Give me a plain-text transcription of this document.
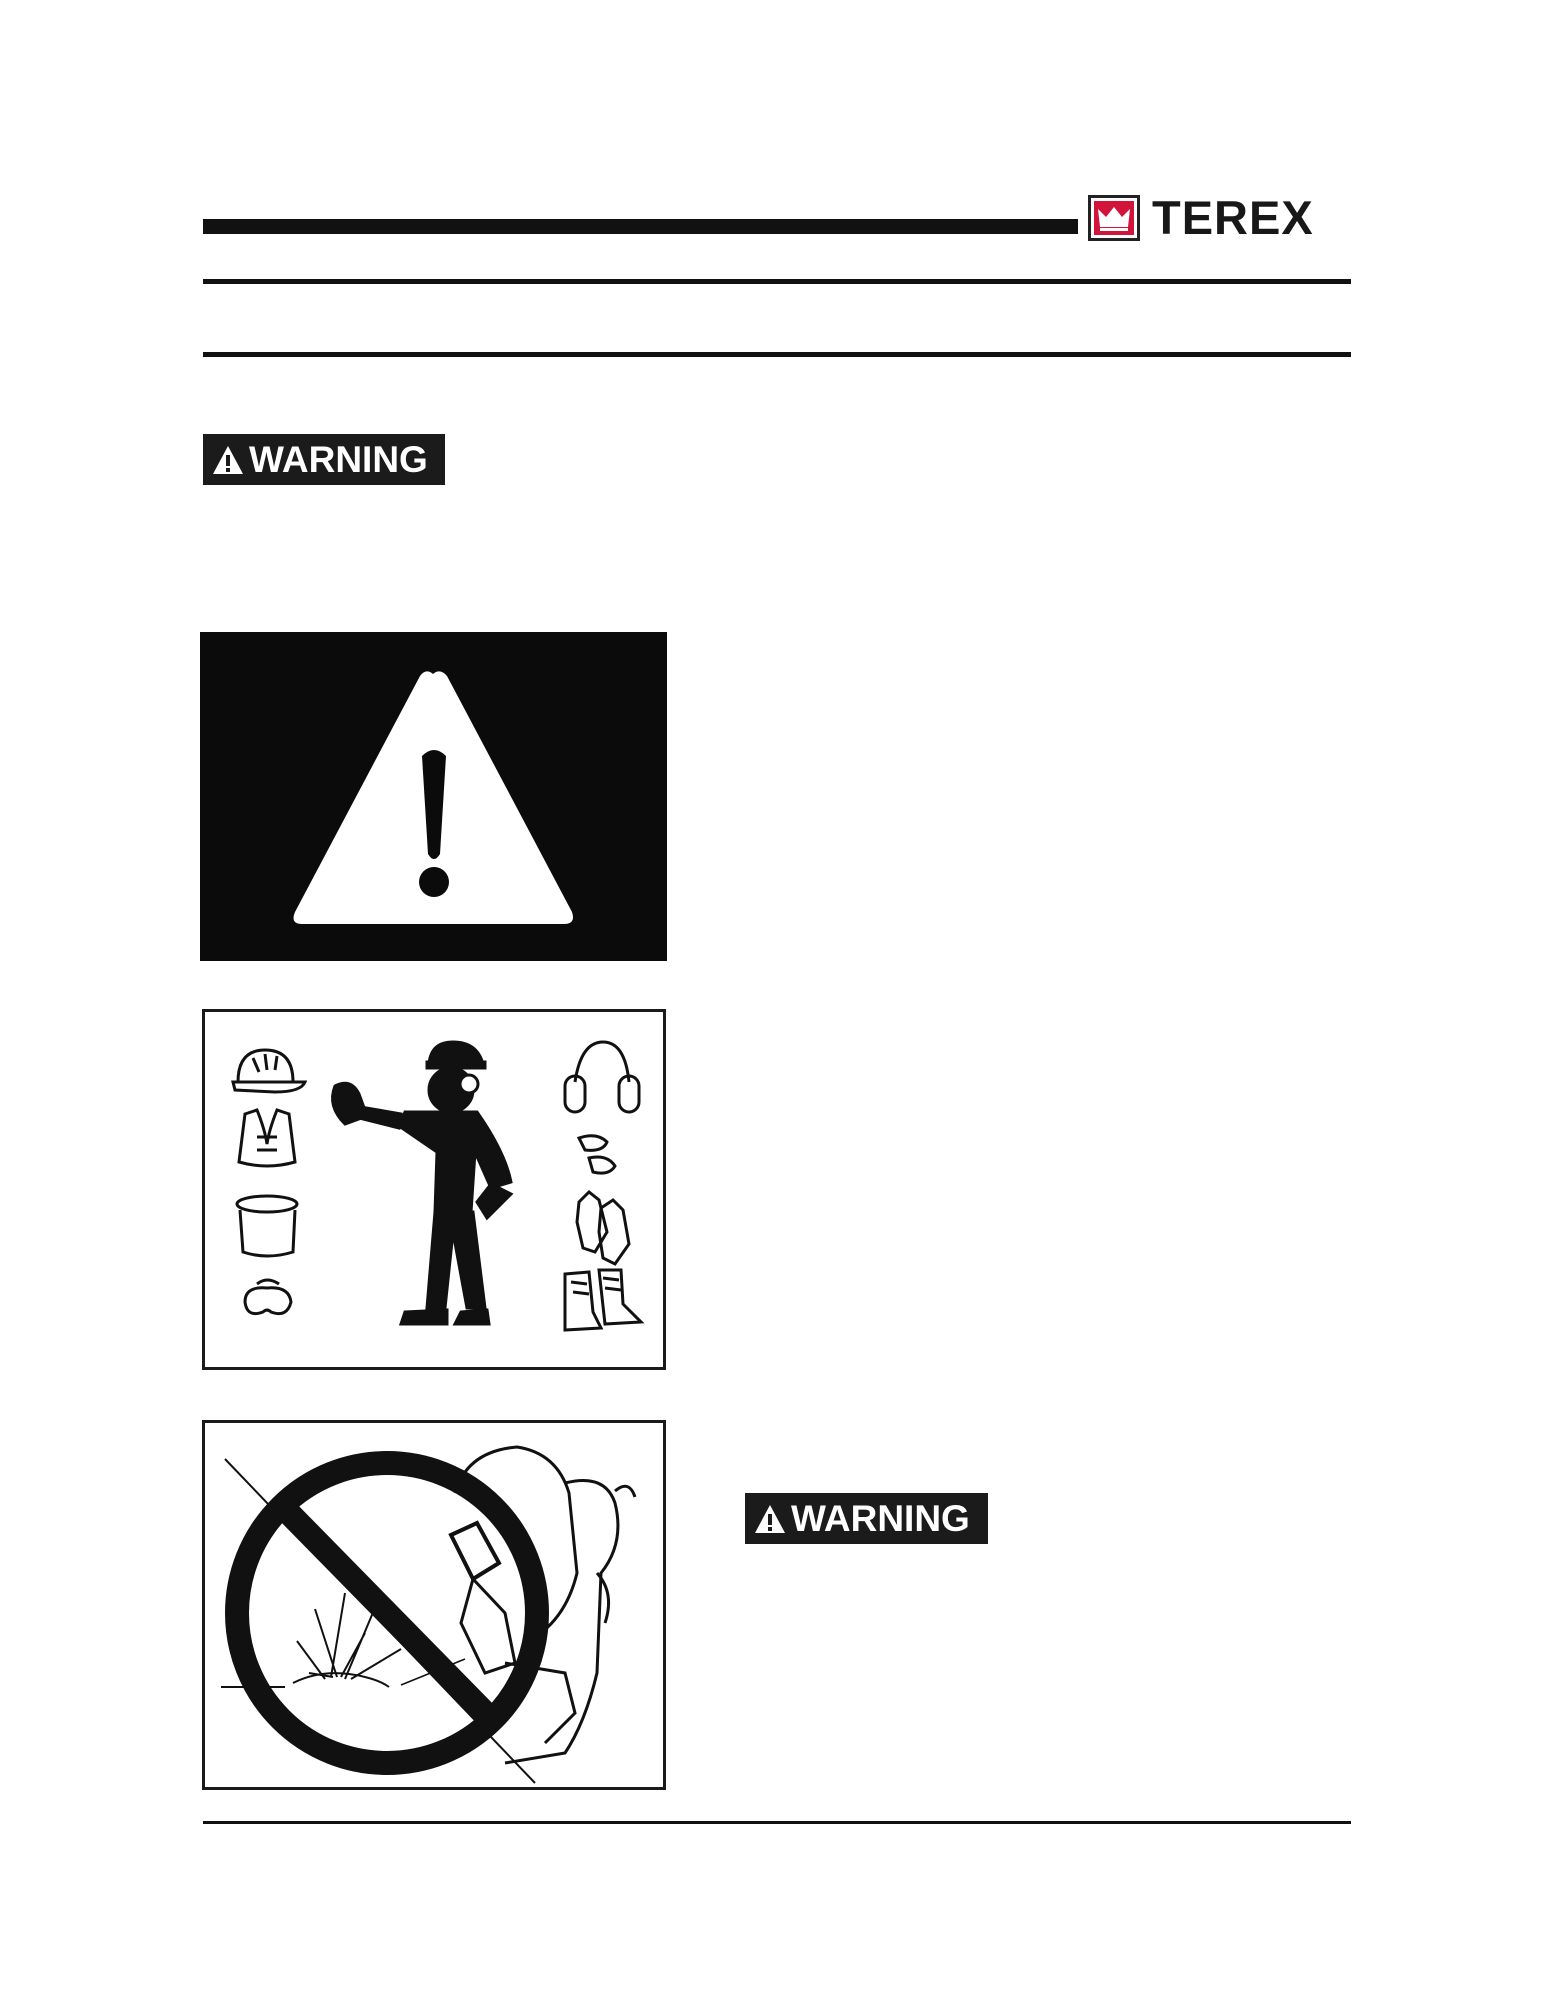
TEREX
WARNING
WARNING
